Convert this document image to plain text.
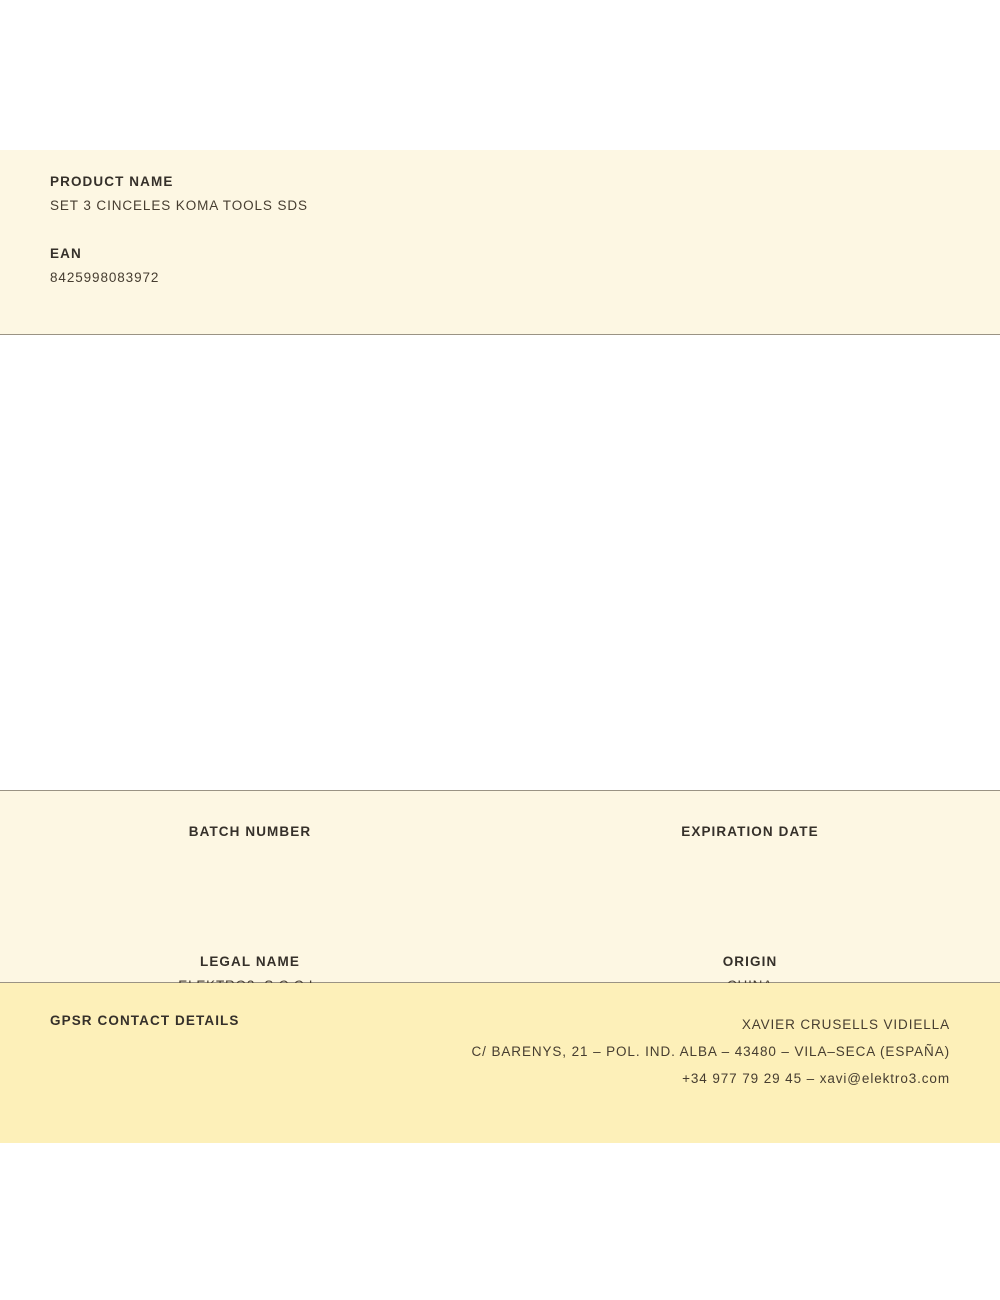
PRODUCT NAME

SET 3 CINCELES KOMA TOOLS SDS

EAN

8425998083972

BATCH NUMBER	EXPIRATION DATE

LEGAL NAME	ORIGIN

GPSR CONTACT DETAILS	XAVIER CRUSELLS VIDIELLA
C/ BARENYS, 21 – POL. IND. ALBA – 43480 – VILA–SECA (ESPAÑA)
+34 977 79 29 45 – xavi@elektro3.com
